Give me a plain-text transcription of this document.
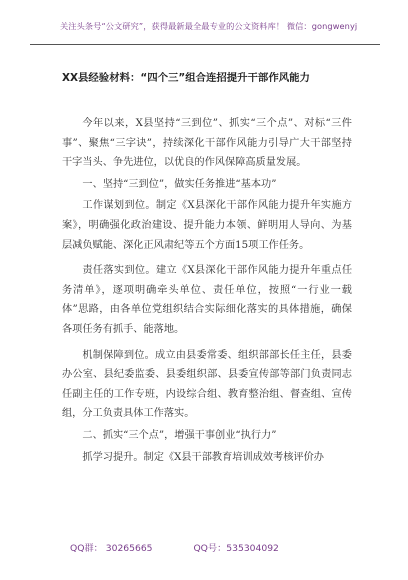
关注头条号“公文研究”，获得最新最全最专业的公文资料库！ 微信：gongwenyj
XX县经验材料：“四个三”组合连招提升干部作风能力

今年以来，X县坚持“三到位”、抓实“三个点”、对标“三件事”、聚焦“三字诀”，持续深化干部作风能力引导广大干部坚持干字当头、争先进位，以优良的作风保障高质量发展。

一、坚持“三到位”，做实任务推进“基本功”

工作谋划到位。制定《X县深化干部作风能力提升年实施方案》，明确强化政治建设、提升能力本领、鲜明用人导向、为基层减负赋能、深化正风肃纪等五个方面15项工作任务。

责任落实到位。建立《X县深化干部作风能力提升年重点任务清单》，逐项明确牵头单位、责任单位，按照“一行业一载体”思路，由各单位党组织结合实际细化落实的具体措施，确保各项任务有抓手、能落地。

机制保障到位。成立由县委常委、组织部部长任主任，县委办公室、县纪委监委、县委组织部、县委宣传部等部门负责同志任副主任的工作专班，内设综合组、教育整治组、督查组、宣传组，分工负责具体工作落实。

二、抓实“三个点”，增强干事创业“执行力”

抓学习提升。制定《X县干部教育培训成效考核评价办

QQ群： 30265665	QQ号：535304092
